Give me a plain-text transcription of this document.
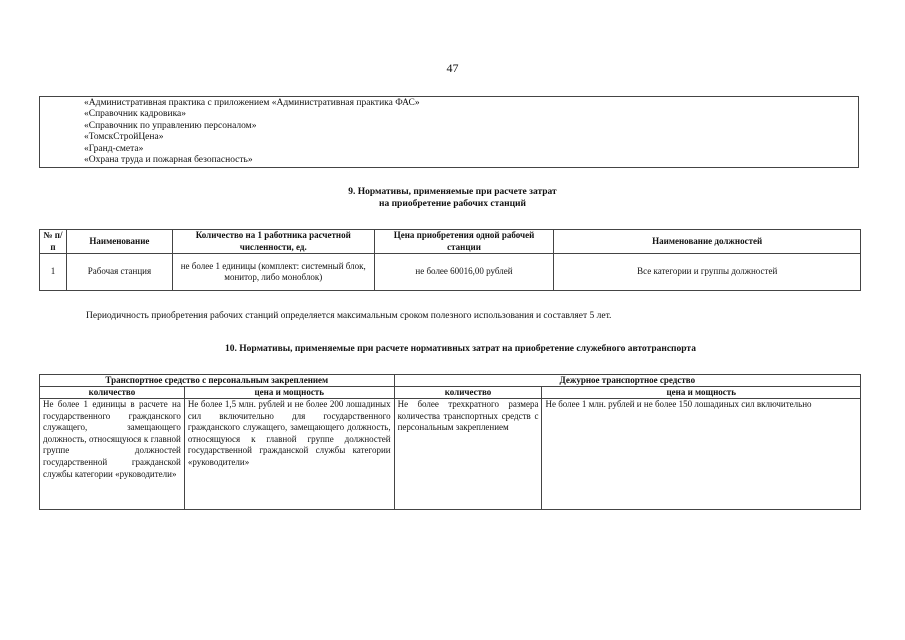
47
«Административная практика с приложением «Административная практика ФАС»
«Справочник кадровика»
«Справочник по управлению персоналом»
«ТомскСтройЦена»
«Гранд-смета»
«Охрана труда и пожарная безопасность»
9. Нормативы, применяемые при расчете затрат
на приобретение рабочих станций
№ п/п	Наименование	Количество на 1 работника расчетной численности, ед.	Цена приобретения одной рабочей станции	Наименование должностей
1	Рабочая станция	не более 1 единицы (комплект: системный блок, монитор, либо моноблок)	не более 60016,00 рублей	Все категории и группы должностей
Периодичность приобретения рабочих станций определяется максимальным сроком полезного использования и составляет 5 лет.
10. Нормативы, применяемые при расчете нормативных затрат на приобретение служебного автотранспорта
Транспортное средство с персональным закреплением		Дежурное транспортное средство	
количество	цена и мощность	количество	цена и мощность
Не более 1 единицы в расчете на государственного гражданского служащего, замещающего должность, относящуюся к главной группе должностей государственной гражданской службы категории «руководители»	Не более 1,5 млн. рублей и не более 200 лошадиных сил включительно для государственного гражданского служащего, замещающего должность, относящуюся к главной группе должностей государственной гражданской службы категории «руководители»	Не более трехкратного размера количества транспортных средств с персональным закреплением	Не более 1 млн. рублей и не более 150 лошадиных сил включительно
